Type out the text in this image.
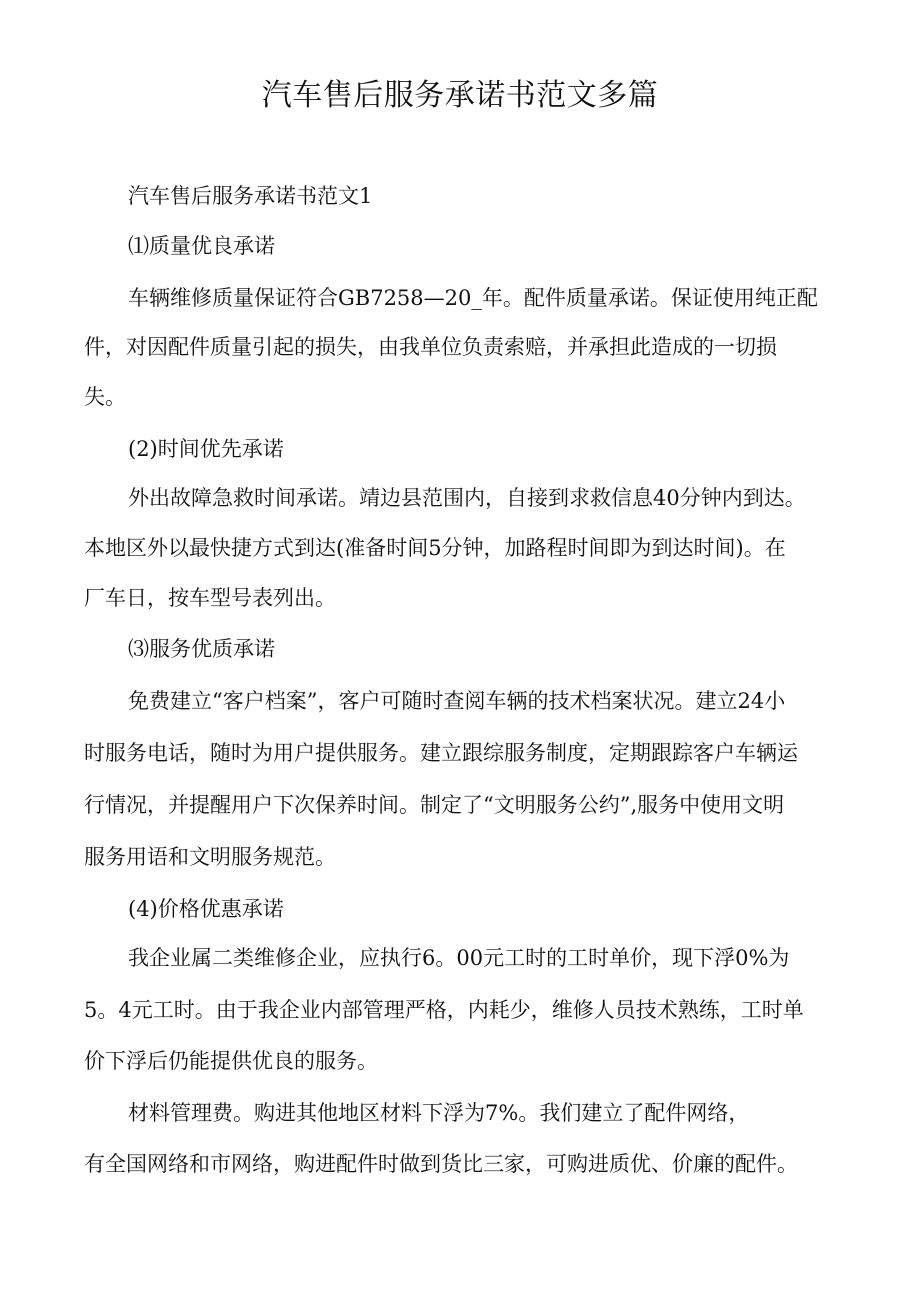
汽车售后服务承诺书范文多篇

汽车售后服务承诺书范文1

⑴质量优良承诺

车辆维修质量保证符合GB7258—20_年。配件质量承诺。保证使用纯正配

件，对因配件质量引起的损失，由我单位负责索赔，并承担此造成的一切损

失。

(2)时间优先承诺

外出故障急救时间承诺。靖边县范围内，自接到求救信息40分钟内到达。

本地区外以最快捷方式到达(准备时间5分钟，加路程时间即为到达时间)。在

厂车日，按车型号表列出。

⑶服务优质承诺

免费建立“客户档案”，客户可随时查阅车辆的技术档案状况。建立24小

时服务电话，随时为用户提供服务。建立跟综服务制度，定期跟踪客户车辆运

行情况，并提醒用户下次保养时间。制定了“文明服务公约”,服务中使用文明

服务用语和文明服务规范。

(4)价格优惠承诺

我企业属二类维修企业，应执行6。00元工时的工时单价，现下浮0%为

5。4元工时。由于我企业内部管理严格，内耗少，维修人员技术熟练，工时单

价下浮后仍能提供优良的服务。

材料管理费。购进其他地区材料下浮为7%。我们建立了配件网络，

有全国网络和市网络，购进配件时做到货比三家，可购进质优、价廉的配件。
